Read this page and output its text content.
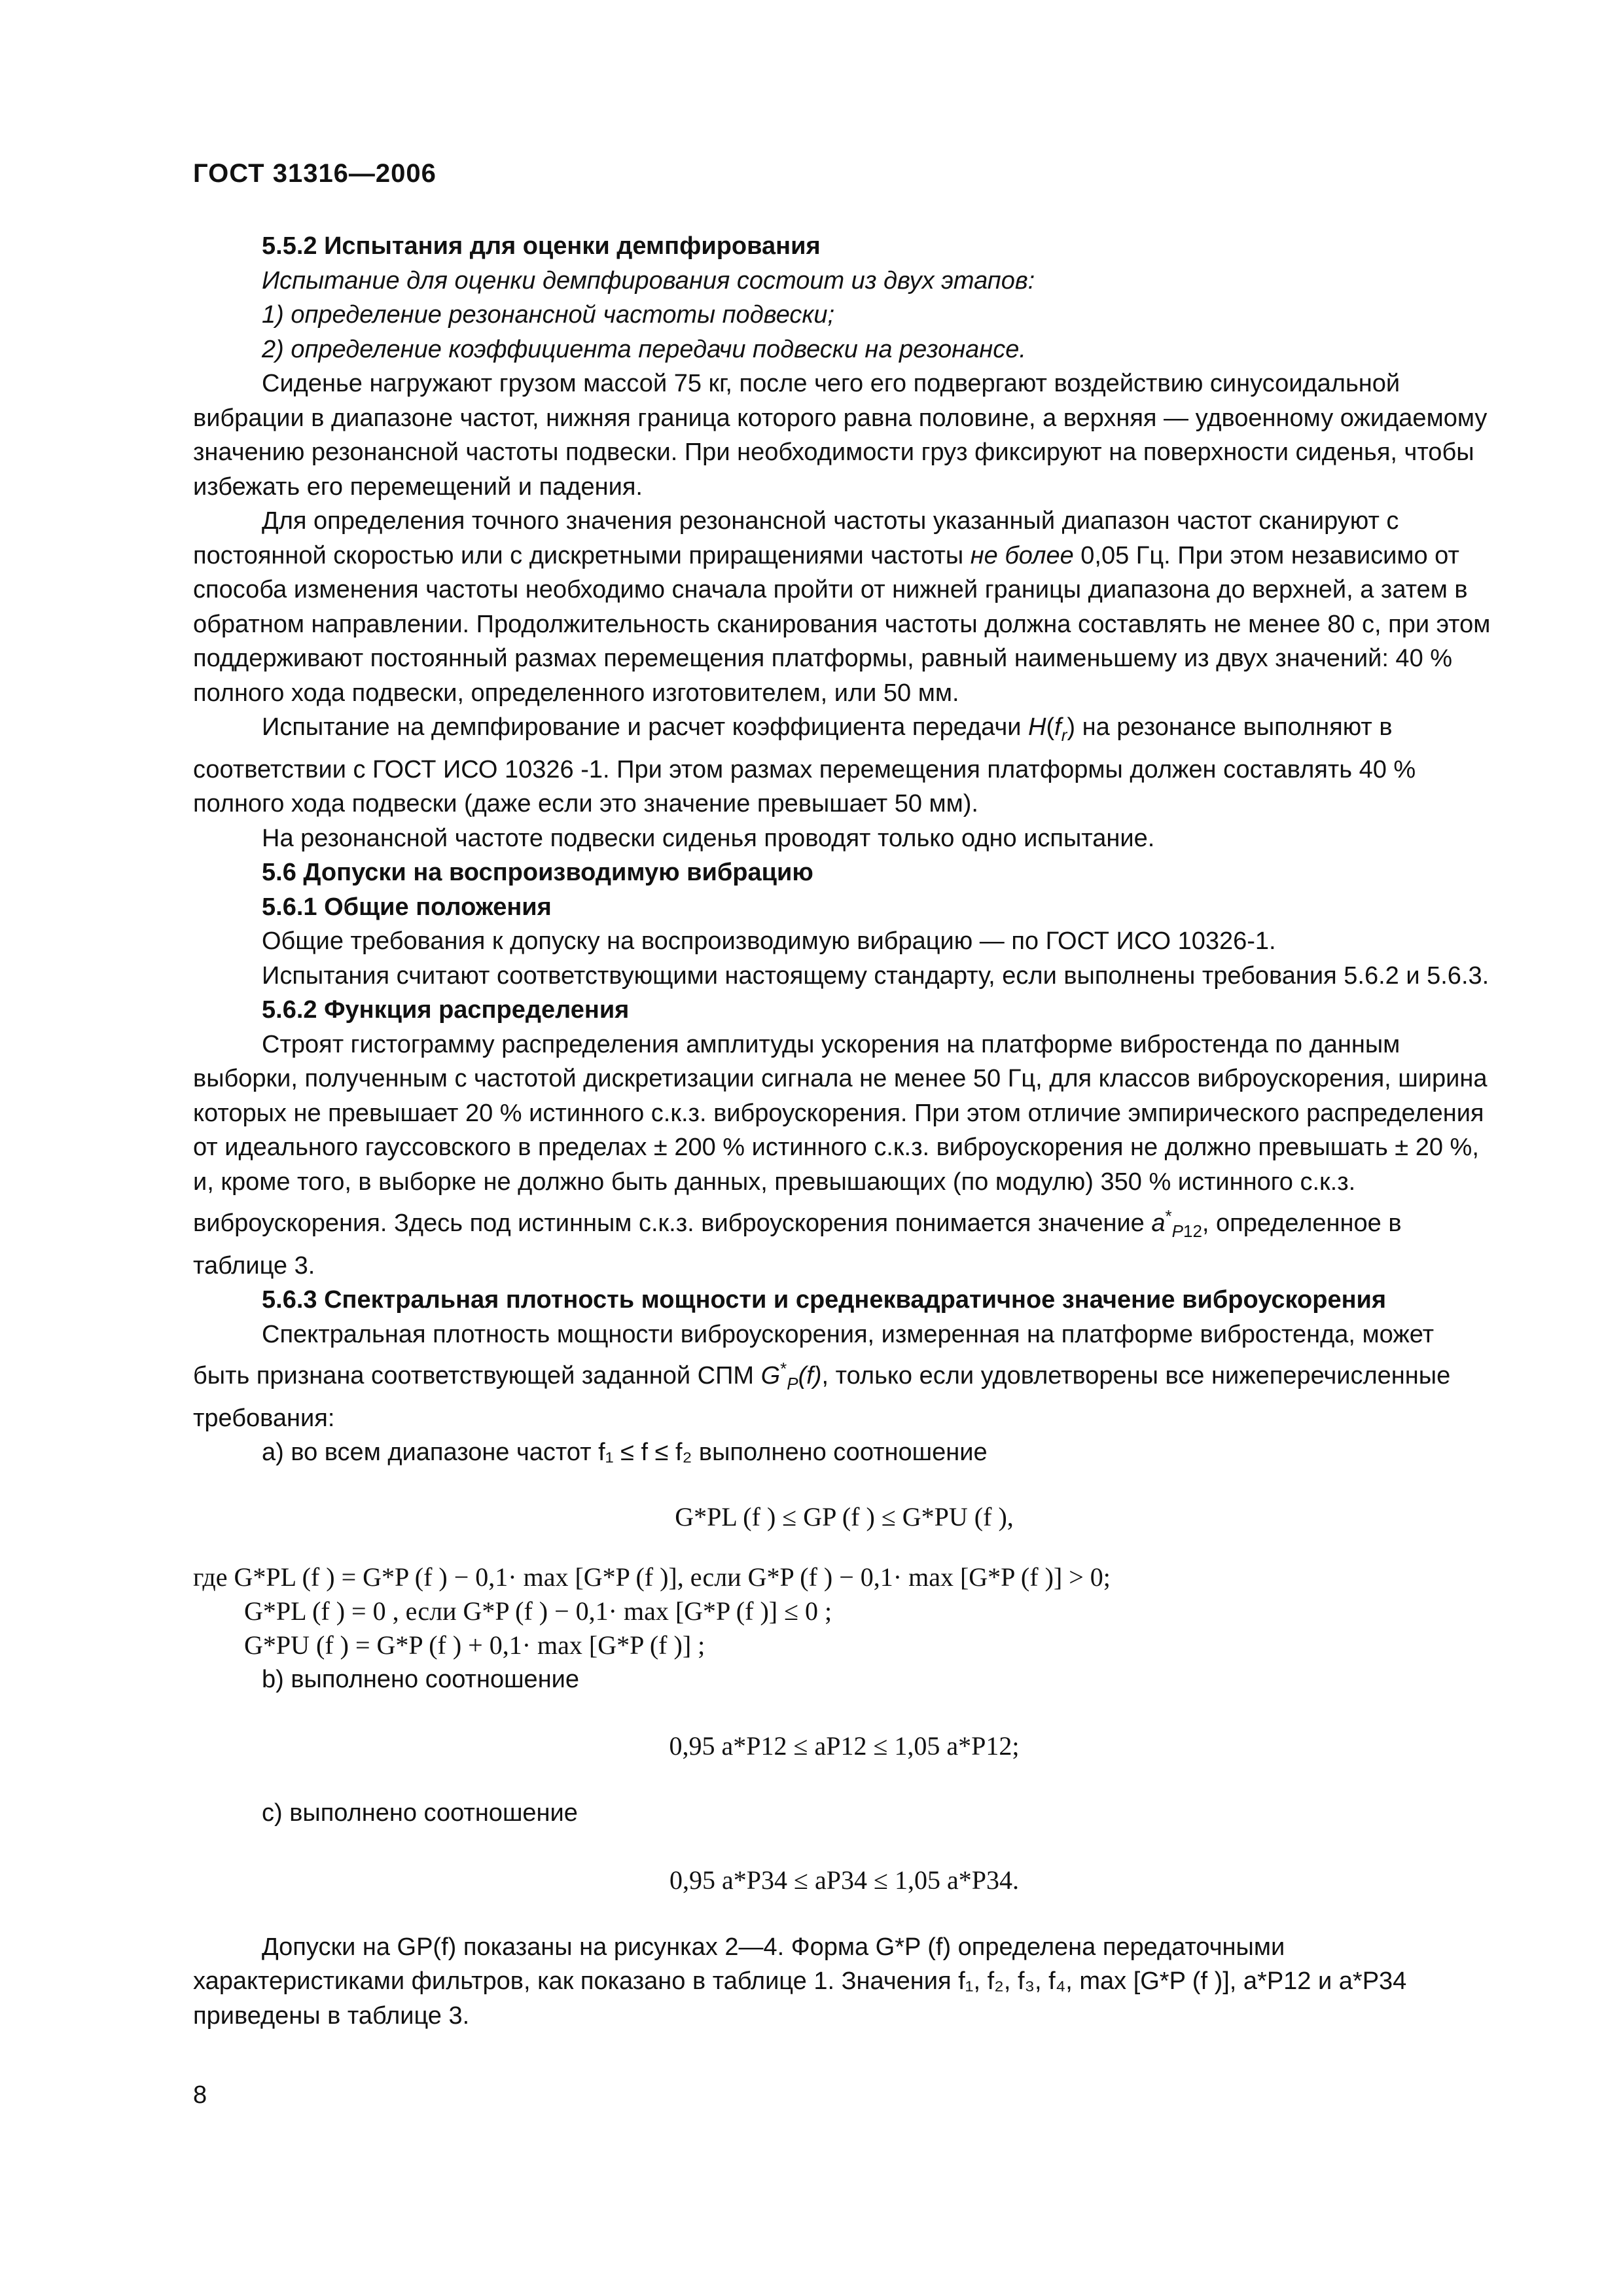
ГОСТ 31316—2006

5.5.2 Испытания для оценки демпфирования

Испытание для оценки демпфирования состоит из двух этапов:

1) определение резонансной частоты подвески;

2) определение коэффициента передачи подвески на резонансе.

Сиденье нагружают грузом массой 75 кг, после чего его подвергают воздействию синусоидальной вибрации в диапазоне частот, нижняя граница которого равна половине, а верхняя — удвоенному ожидаемому значению резонансной частоты подвески. При необходимости груз фиксируют на поверхности сиденья, чтобы избежать его перемещений и падения.

Для определения точного значения резонансной частоты указанный диапазон частот сканируют с постоянной скоростью или с дискретными приращениями частоты не более 0,05 Гц. При этом независимо от способа изменения частоты необходимо сначала пройти от нижней границы диапазона до верхней, а затем в обратном направлении. Продолжительность сканирования частоты должна составлять не менее 80 с, при этом поддерживают постоянный размах перемещения платформы, равный наименьшему из двух значений: 40 % полного хода подвески, определенного изготовителем, или 50 мм.

Испытание на демпфирование и расчет коэффициента передачи $H(f_r)$ на резонансе выполняют в соответствии с ГОСТ ИСО 10326 -1. При этом размах перемещения платформы должен составлять 40 % полного хода подвески (даже если это значение превышает 50 мм).

На резонансной частоте подвески сиденья проводят только одно испытание.

5.6 Допуски на воспроизводимую вибрацию

5.6.1 Общие положения

Общие требования к допуску на воспроизводимую вибрацию — по ГОСТ ИСО 10326-1.

Испытания считают соответствующими настоящему стандарту, если выполнены требования 5.6.2 и 5.6.3.

5.6.2 Функция распределения

Строят гистограмму распределения амплитуды ускорения на платформе вибростенда по данным выборки, полученным с частотой дискретизации сигнала не менее 50 Гц, для классов виброускорения, ширина которых не превышает 20 % истинного с.к.з. виброускорения. При этом отличие эмпирического распределения от идеального гауссовского в пределах ± 200 % истинного с.к.з. виброускорения не должно превышать ± 20 %, и, кроме того, в выборке не должно быть данных, превышающих (по модулю) 350 % истинного с.к.з. виброускорения. Здесь под истинным с.к.з. виброускорения понимается значение $a^*_{P12}$, определенное в таблице 3.

5.6.3 Спектральная плотность мощности и среднеквадратичное значение виброускорения

Спектральная плотность мощности виброускорения, измеренная на платформе вибростенда, может быть признана соответствующей заданной СПМ $G^*_P(f)$, только если удовлетворены все нижеперечисленные требования:

a) во всем диапазоне частот f₁ ≤ f ≤ f₂ выполнено соотношение

G*PL (f ) ≤ GP (f ) ≤ G*PU (f ),

где G*PL (f ) = G*P (f ) − 0,1· max [G*P (f )], если G*P (f ) − 0,1· max [G*P (f )] > 0;

G*PL (f ) = 0 , если G*P (f ) − 0,1· max [G*P (f )] ≤ 0 ;

G*PU (f ) = G*P (f ) + 0,1· max [G*P (f )] ;

b) выполнено соотношение

0,95 a*P12 ≤ aP12 ≤ 1,05 a*P12;

c) выполнено соотношение

0,95 a*P34 ≤ aP34 ≤ 1,05 a*P34.

Допуски на GP(f) показаны на рисунках 2—4. Форма G*P (f) определена передаточными характеристиками фильтров, как показано в таблице 1. Значения f₁, f₂, f₃, f₄, max [G*P (f )], a*P12 и a*P34 приведены в таблице 3.

8
